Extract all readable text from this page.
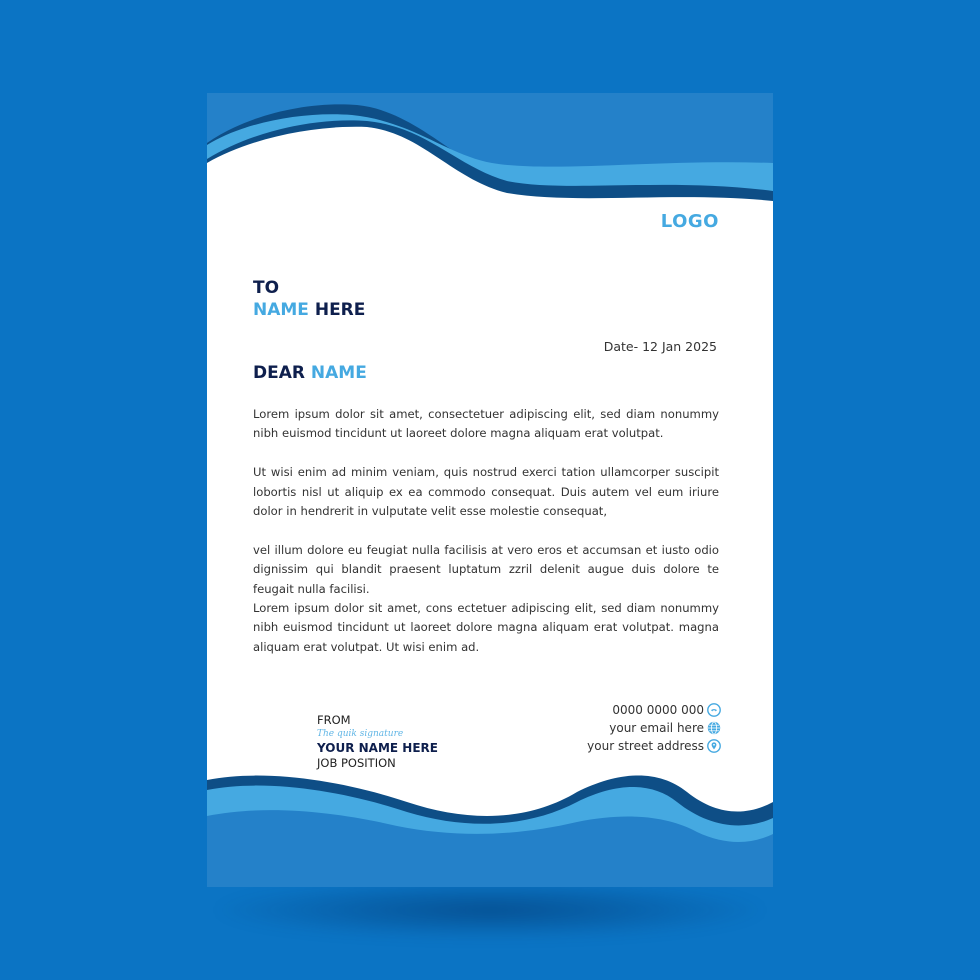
LOGO
TO
NAME HERE
Date- 12 Jan 2025
DEAR NAME

Lorem ipsum dolor sit amet, consectetuer adipiscing elit, sed diam nonummy nibh euismod tincidunt ut laoreet dolore magna aliquam erat volutpat.

Ut wisi enim ad minim veniam, quis nostrud exerci tation ullamcorper suscipit lobortis nisl ut aliquip ex ea commodo consequat. Duis autem vel eum iriure dolor in hendrerit in vulputate velit esse molestie consequat,

vel illum dolore eu feugiat nulla facilisis at vero eros et accumsan et iusto odio dignissim qui blandit praesent luptatum zzril delenit augue duis dolore te feugait nulla facilisi.

Lorem ipsum dolor sit amet, cons ectetuer adipiscing elit, sed diam nonummy nibh euismod tincidunt ut laoreet dolore magna aliquam erat volutpat. magna aliquam erat volutpat. Ut wisi enim ad.

FROM
The quik signature
YOUR NAME HERE
JOB POSITION
0000 0000 000
your email here
your street address
